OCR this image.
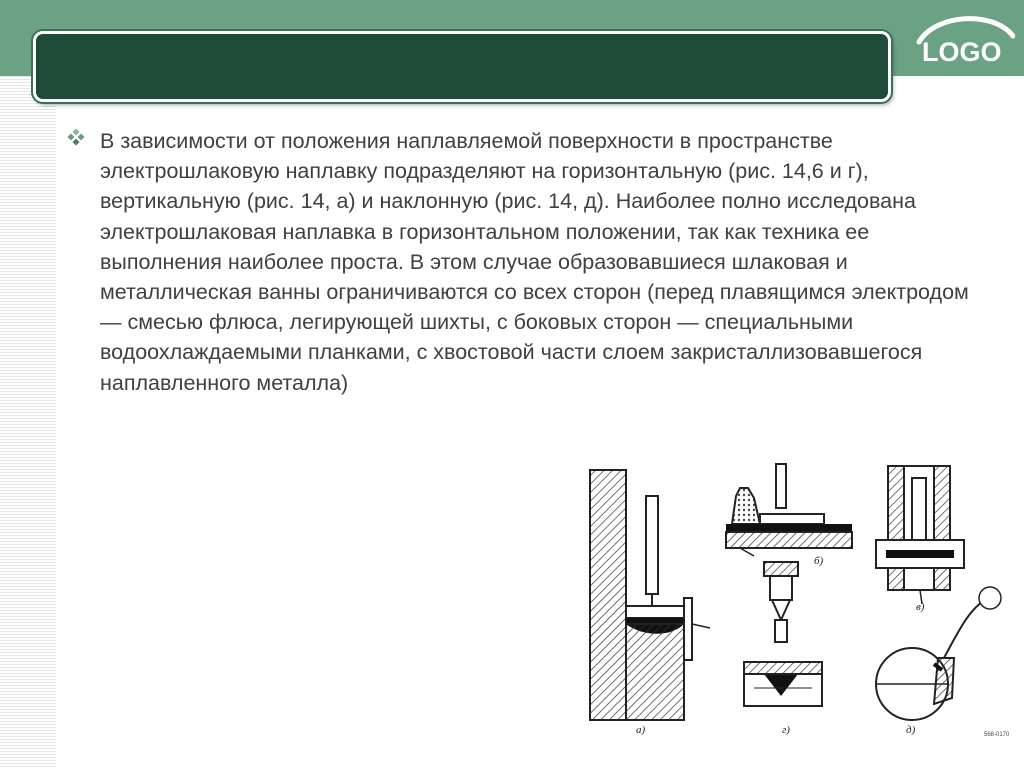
LOGO

В зависимости от положения наплавляемой поверхности в пространстве электрошлаковую наплавку подразделяют на горизонтальную (рис. 14,6 и г), вертикальную (рис. 14, а) и наклонную (рис. 14, д). Наиболее полно исследована электрошлаковая наплавка в горизонтальном положении, так как техника ее выполнения наиболее проста. В этом случае образовавшиеся шлаковая и металлическая ванны ограничиваются со всех сторон (перед плавящимся электродом — смесью флюса, легирующей шихты, с боковых сторон — специальными водоохлаждаемыми планками, с хвостовой части слоем закристаллизовавшегося наплавленного металла)

а)
б)
г)
в)
д)	568-0170
